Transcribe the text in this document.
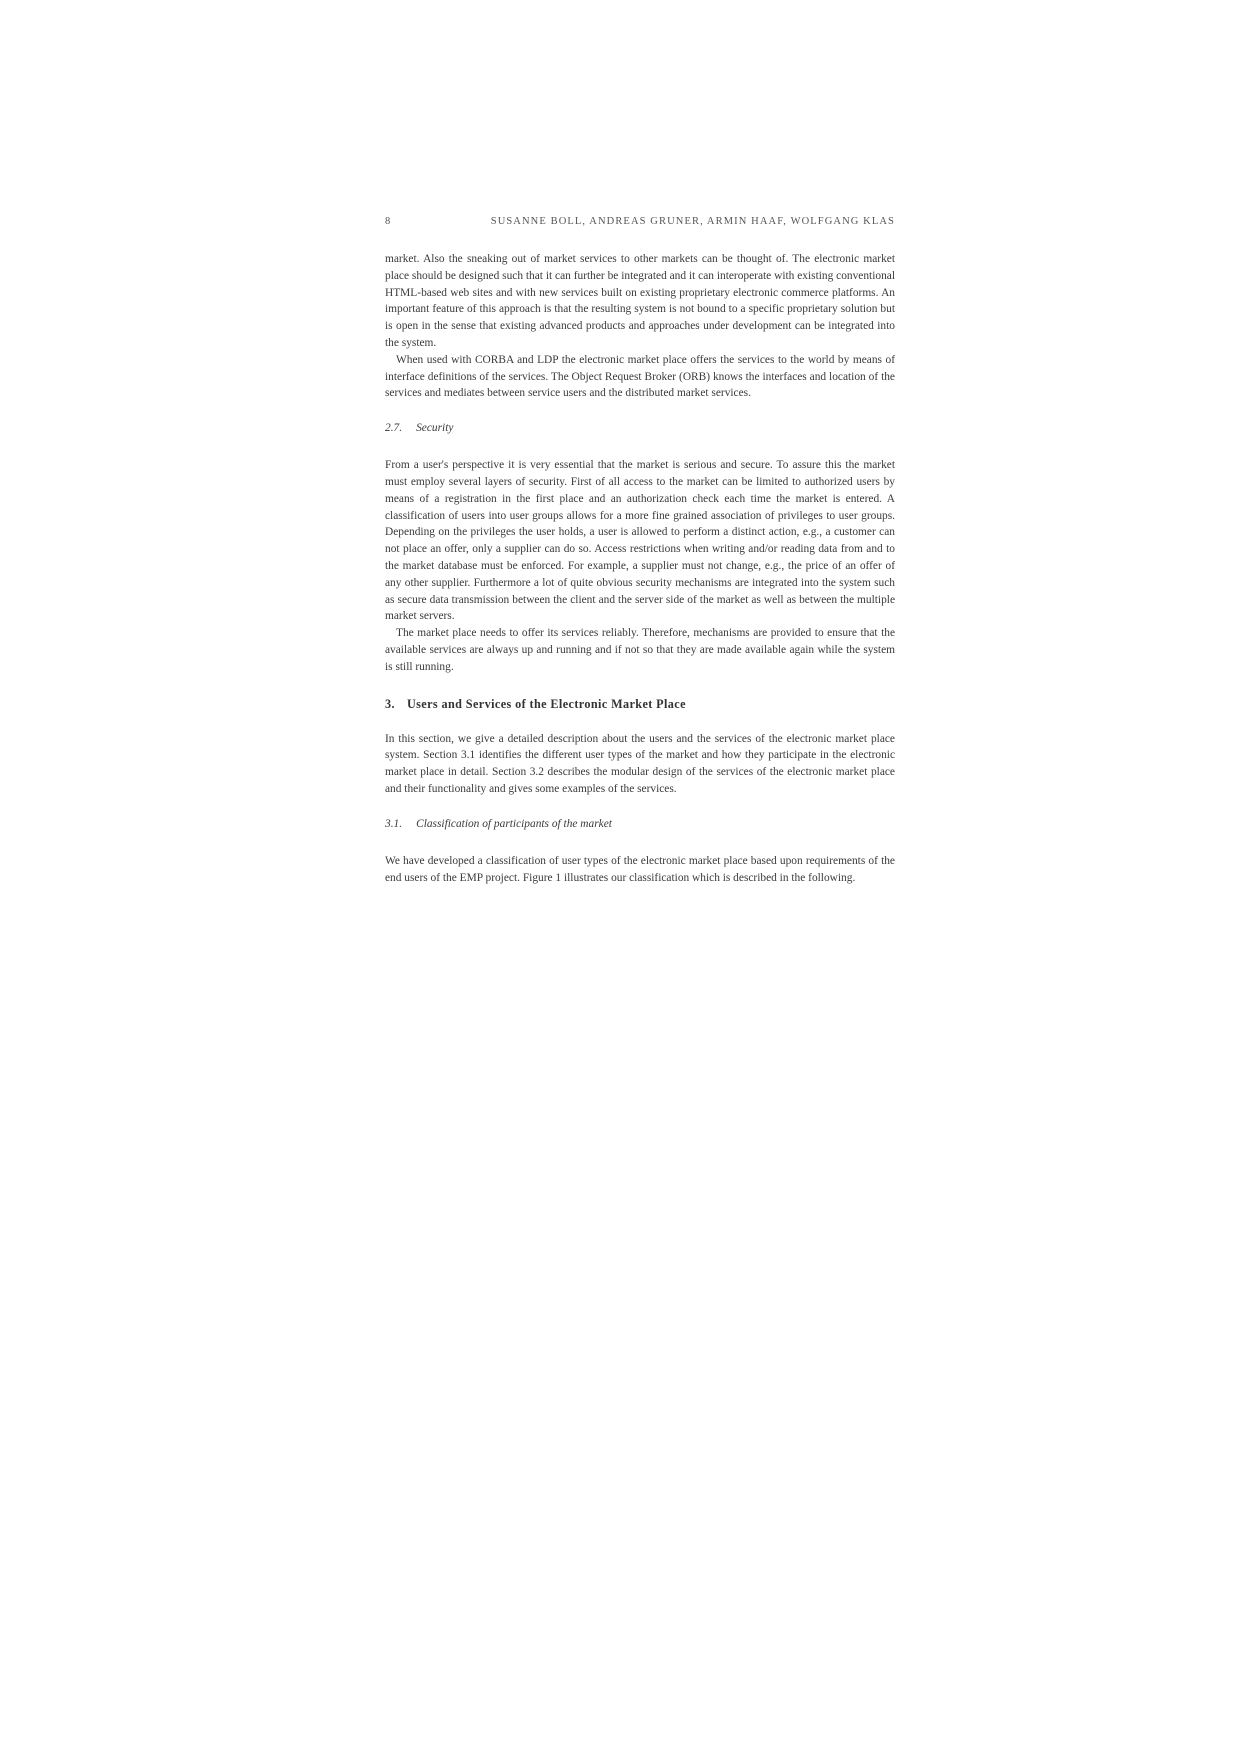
8	SUSANNE BOLL, ANDREAS GRUNER, ARMIN HAAF, WOLFGANG KLAS

market. Also the sneaking out of market services to other markets can be thought of. The electronic market place should be designed such that it can further be integrated and it can interoperate with existing conventional HTML-based web sites and with new services built on existing proprietary electronic commerce platforms. An important feature of this approach is that the resulting system is not bound to a specific proprietary solution but is open in the sense that existing advanced products and approaches under development can be integrated into the system.

When used with CORBA and LDP the electronic market place offers the services to the world by means of interface definitions of the services. The Object Request Broker (ORB) knows the interfaces and location of the services and mediates between service users and the distributed market services.

2.7. Security

From a user's perspective it is very essential that the market is serious and secure. To assure this the market must employ several layers of security. First of all access to the market can be limited to authorized users by means of a registration in the first place and an authorization check each time the market is entered. A classification of users into user groups allows for a more fine grained association of privileges to user groups. Depending on the privileges the user holds, a user is allowed to perform a distinct action, e.g., a customer can not place an offer, only a supplier can do so. Access restrictions when writing and/or reading data from and to the market database must be enforced. For example, a supplier must not change, e.g., the price of an offer of any other supplier. Furthermore a lot of quite obvious security mechanisms are integrated into the system such as secure data transmission between the client and the server side of the market as well as between the multiple market servers.

The market place needs to offer its services reliably. Therefore, mechanisms are provided to ensure that the available services are always up and running and if not so that they are made available again while the system is still running.

3. Users and Services of the Electronic Market Place

In this section, we give a detailed description about the users and the services of the electronic market place system. Section 3.1 identifies the different user types of the market and how they participate in the electronic market place in detail. Section 3.2 describes the modular design of the services of the electronic market place and their functionality and gives some examples of the services.

3.1. Classification of participants of the market

We have developed a classification of user types of the electronic market place based upon requirements of the end users of the EMP project. Figure 1 illustrates our classification which is described in the following.
